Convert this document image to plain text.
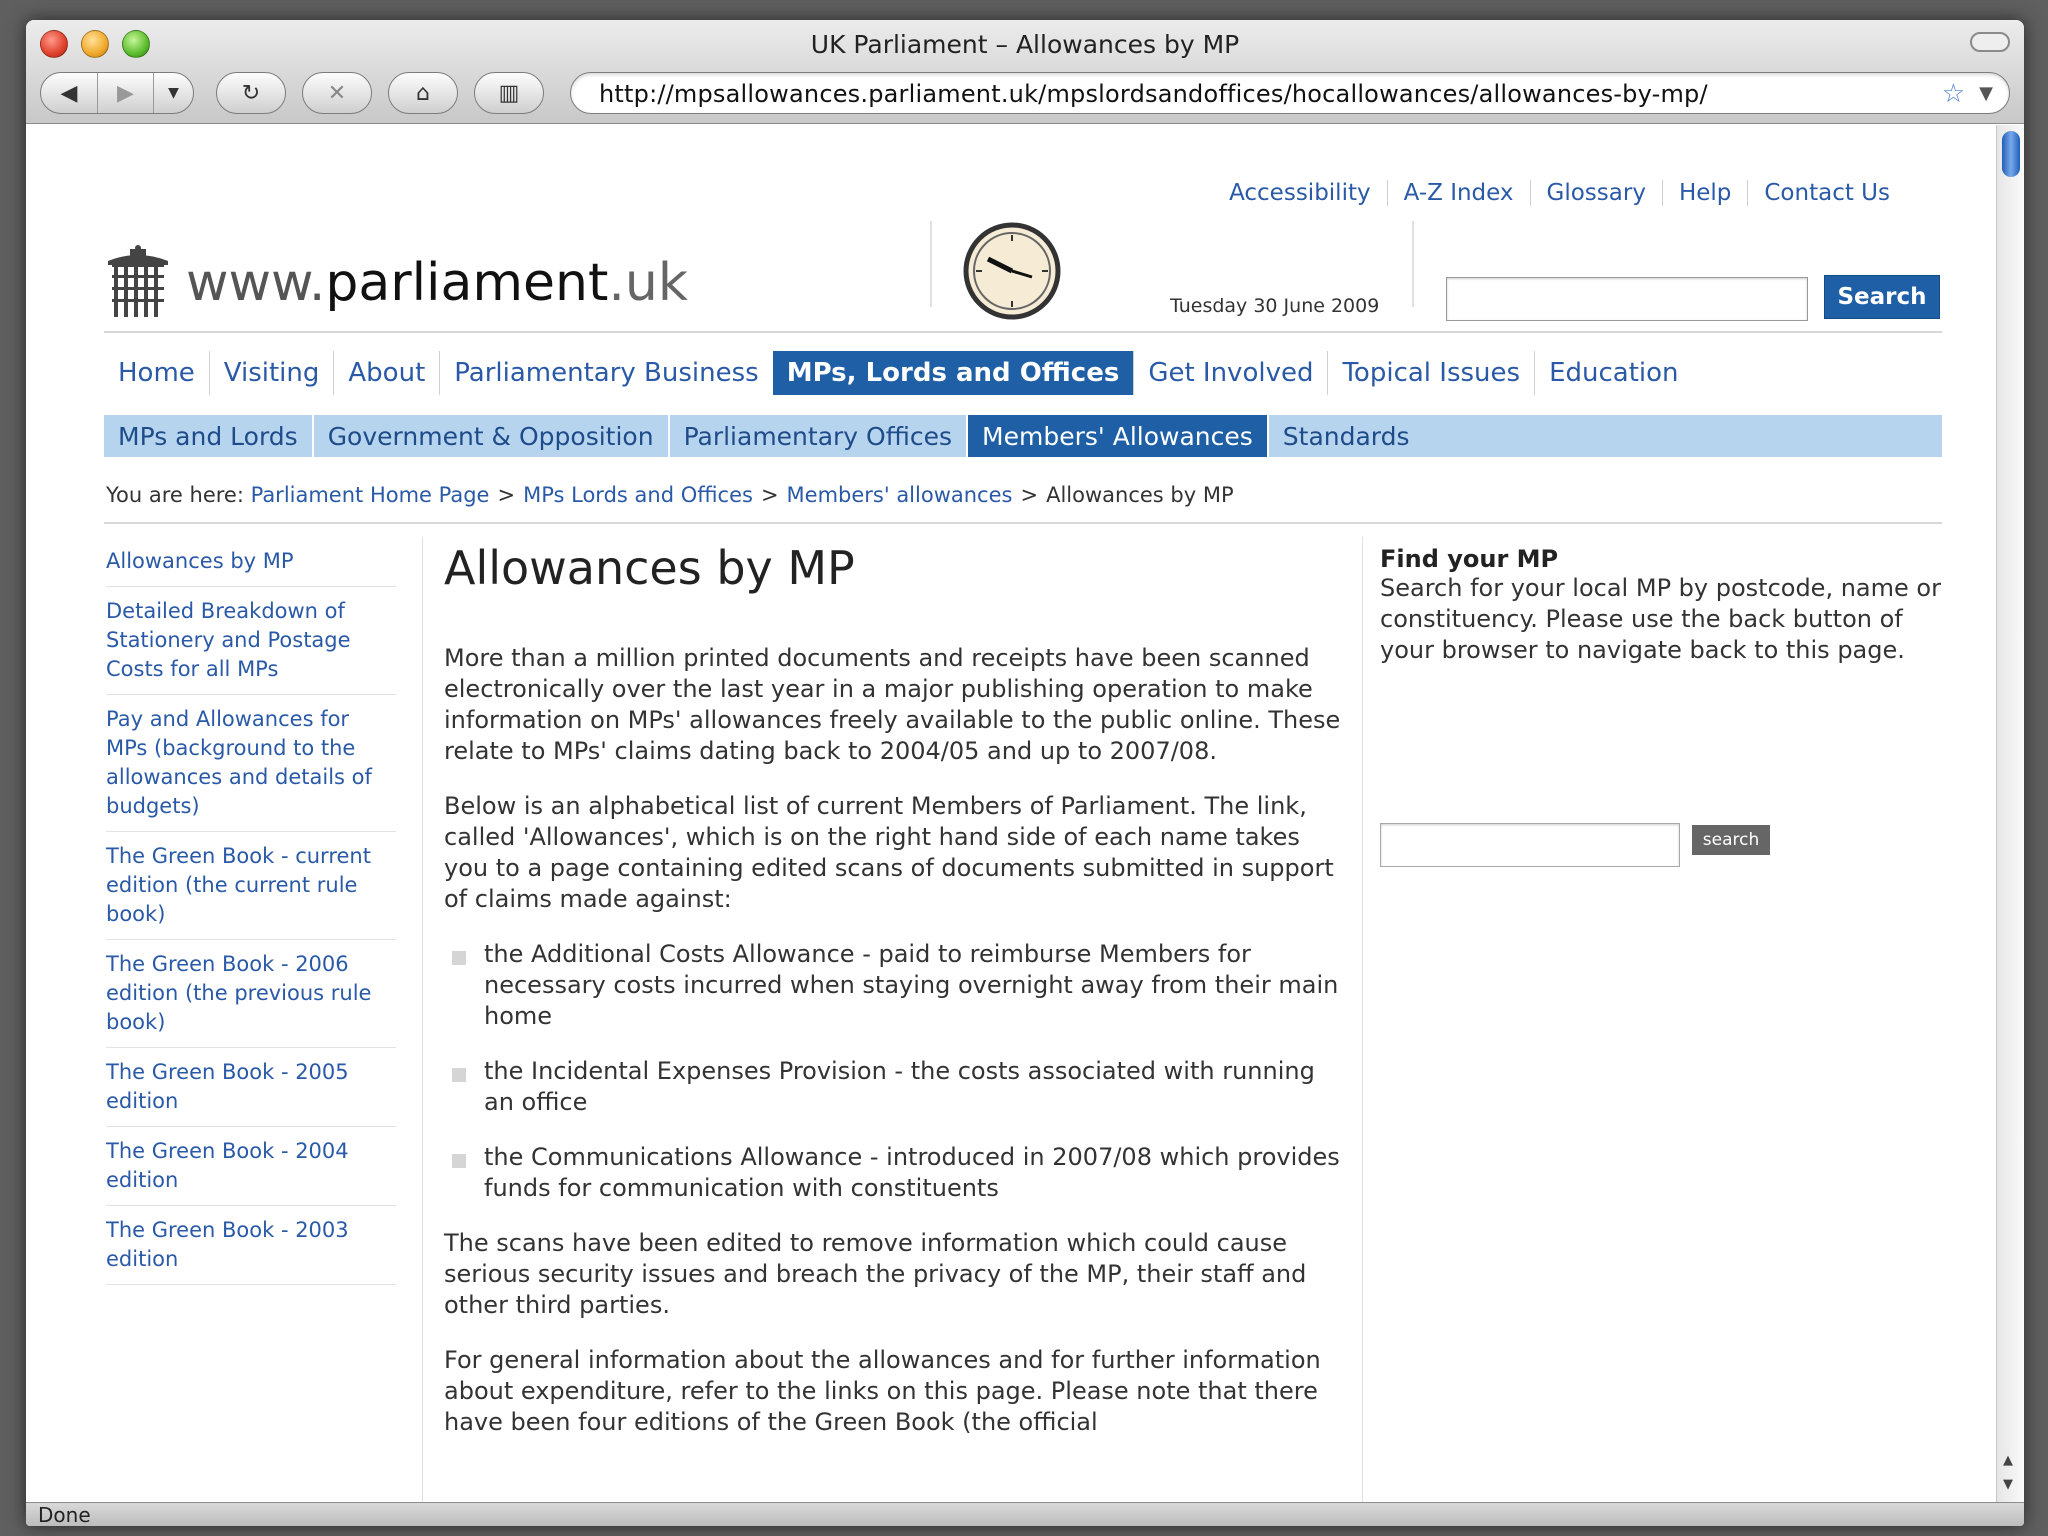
UK Parliament – Allowances by MP
◀	▶	▼	↻	✕	⌂	▥	http://mpsallowances.parliament.uk/mpslordsandoffices/hocallowances/allowances-by-mp/	☆ ▼
Accessibility	A-Z Index	Glossary	Help	Contact Us
www.parliament.uk	Tuesday 30 June 2009	Search
Home	Visiting	About	Parliamentary Business	MPs, Lords and Offices	Get Involved	Topical Issues	Education
MPs and Lords	Government & Opposition	Parliamentary Offices	Members' Allowances	Standards
You are here: Parliament Home Page > MPs Lords and Offices > Members' allowances > Allowances by MP
Allowances by MP
Detailed Breakdown of Stationery and Postage Costs for all MPs
Pay and Allowances for MPs (background to the allowances and details of budgets)
The Green Book - current edition (the current rule book)
The Green Book - 2006 edition (the previous rule book)
The Green Book - 2005 edition
The Green Book - 2004 edition
The Green Book - 2003 edition
Allowances by MP

More than a million printed documents and receipts have been scanned electronically over the last year in a major publishing operation to make information on MPs' allowances freely available to the public online. These relate to MPs' claims dating back to 2004/05 and up to 2007/08.

Below is an alphabetical list of current Members of Parliament. The link, called 'Allowances', which is on the right hand side of each name takes you to a page containing edited scans of documents submitted in support of claims made against:

the Additional Costs Allowance - paid to reimburse Members for necessary costs incurred when staying overnight away from their main home
the Incidental Expenses Provision - the costs associated with running an office
the Communications Allowance - introduced in 2007/08 which provides funds for communication with constituents

The scans have been edited to remove information which could cause serious security issues and breach the privacy of the MP, their staff and other third parties.

For general information about the allowances and for further information about expenditure, refer to the links on this page. Please note that there have been four editions of the Green Book (the official

Find your MP

Search for your local MP by postcode, name or constituency. Please use the back button of your browser to navigate back to this page.

search
▲
▼
Done
